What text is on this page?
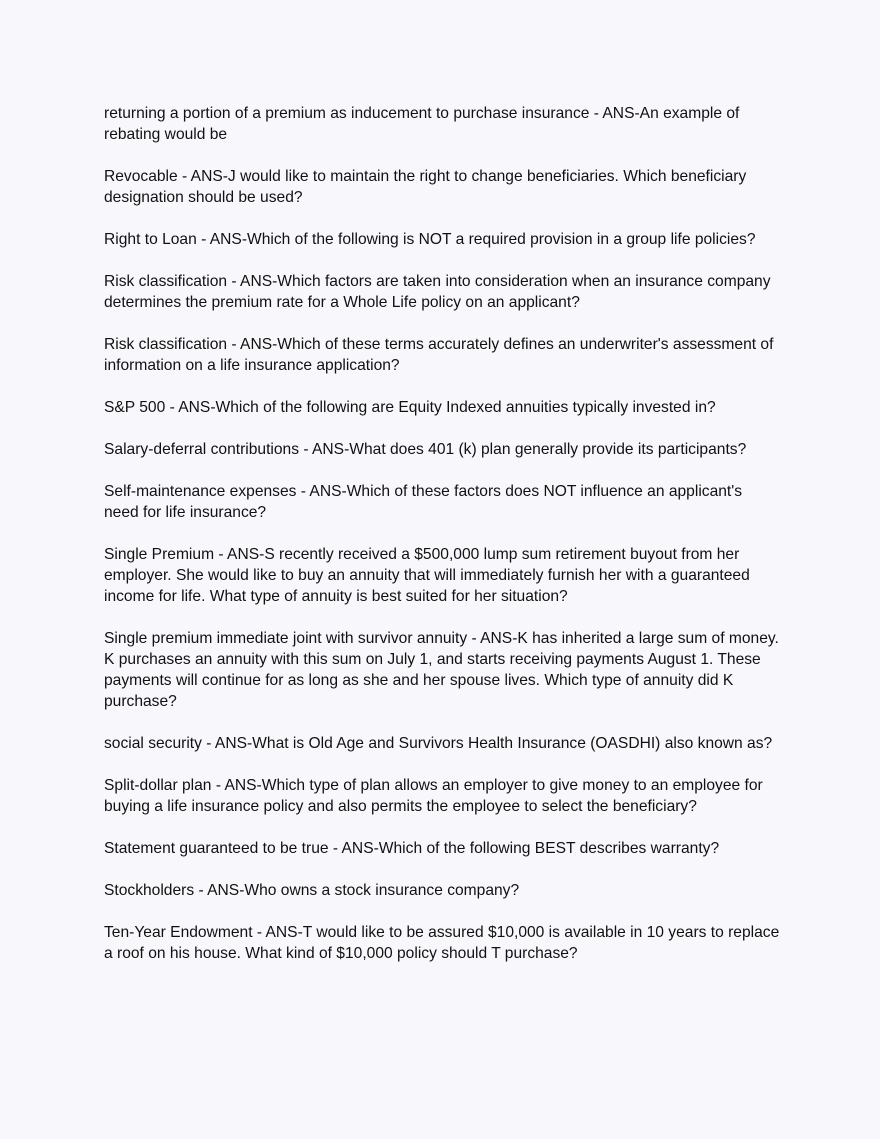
returning a portion of a premium as inducement to purchase insurance - ANS-An example of rebating would be

Revocable - ANS-J would like to maintain the right to change beneficiaries. Which beneficiary designation should be used?

Right to Loan - ANS-Which of the following is NOT a required provision in a group life policies?

Risk classification - ANS-Which factors are taken into consideration when an insurance company determines the premium rate for a Whole Life policy on an applicant?

Risk classification - ANS-Which of these terms accurately defines an underwriter's assessment of information on a life insurance application?

S&P 500 - ANS-Which of the following are Equity Indexed annuities typically invested in?

Salary-deferral contributions - ANS-What does 401 (k) plan generally provide its participants?

Self-maintenance expenses - ANS-Which of these factors does NOT influence an applicant's need for life insurance?

Single Premium - ANS-S recently received a $500,000 lump sum retirement buyout from her employer. She would like to buy an annuity that will immediately furnish her with a guaranteed income for life. What type of annuity is best suited for her situation?

Single premium immediate joint with survivor annuity - ANS-K has inherited a large sum of money. K purchases an annuity with this sum on July 1, and starts receiving payments August 1. These payments will continue for as long as she and her spouse lives. Which type of annuity did K purchase?

social security - ANS-What is Old Age and Survivors Health Insurance (OASDHI) also known as?

Split-dollar plan - ANS-Which type of plan allows an employer to give money to an employee for buying a life insurance policy and also permits the employee to select the beneficiary?

Statement guaranteed to be true - ANS-Which of the following BEST describes warranty?

Stockholders - ANS-Who owns a stock insurance company?

Ten-Year Endowment - ANS-T would like to be assured $10,000 is available in 10 years to replace a roof on his house. What kind of $10,000 policy should T purchase?
